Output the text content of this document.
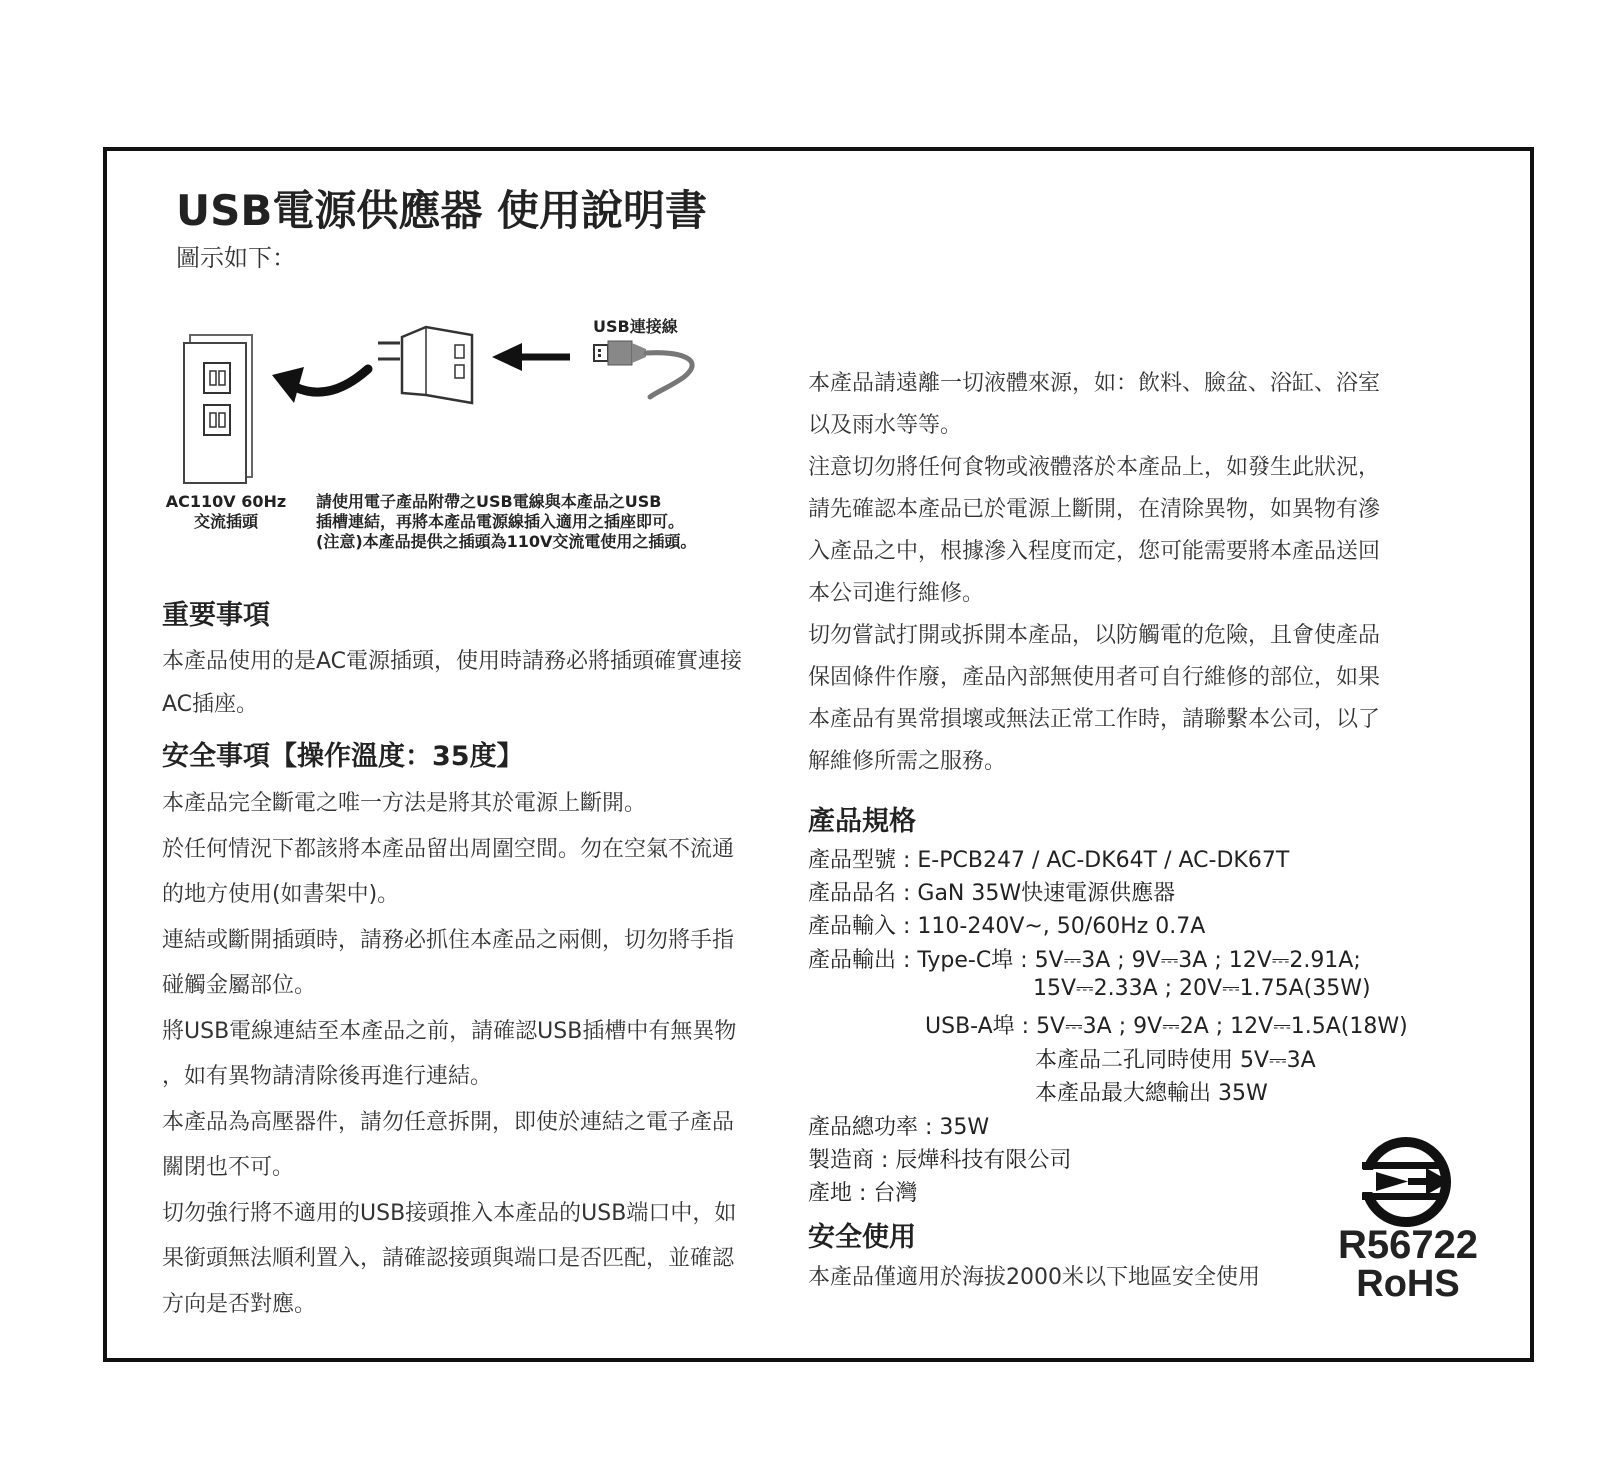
USB電源供應器 使用說明書
圖示如下：
USB連接線
AC110V 60Hz
交流插頭
請使用電子產品附帶之USB電線與本產品之USB
插槽連結，再將本產品電源線插入適用之插座即可。
(注意)本產品提供之插頭為110V交流電使用之插頭。
重要事項
本產品使用的是AC電源插頭，使用時請務必將插頭確實連接
AC插座。
安全事項【操作溫度：35度】
本產品完全斷電之唯一方法是將其於電源上斷開。
於任何情況下都該將本產品留出周圍空間。勿在空氣不流通
的地方使用(如書架中)。
連結或斷開插頭時，請務必抓住本產品之兩側，切勿將手指
碰觸金屬部位。
將USB電線連結至本產品之前，請確認USB插槽中有無異物
，如有異物請清除後再進行連結。
本產品為高壓器件，請勿任意拆開，即使於連結之電子產品
關閉也不可。
切勿強行將不適用的USB接頭推入本產品的USB端口中，如
果銜頭無法順利置入，請確認接頭與端口是否匹配，並確認
方向是否對應。
本產品請遠離一切液體來源，如：飲料、臉盆、浴缸、浴室
以及雨水等等。
注意切勿將任何食物或液體落於本產品上，如發生此狀況，
請先確認本產品已於電源上斷開，在清除異物，如異物有滲
入產品之中，根據滲入程度而定，您可能需要將本產品送回
本公司進行維修。
切勿嘗試打開或拆開本產品，以防觸電的危險，且會使產品
保固條件作廢，產品內部無使用者可自行維修的部位，如果
本產品有異常損壞或無法正常工作時，請聯繫本公司，以了
解維修所需之服務。
產品規格
產品型號 : E-PCB247 / AC-DK64T / AC-DK67T
產品品名 : GaN 35W快速電源供應器
產品輸入 : 110-240V~, 50/60Hz 0.7A
產品輸出 : Type-C埠 : 5V⎓3A ; 9V⎓3A ; 12V⎓2.91A;
15V⎓2.33A ; 20V⎓1.75A(35W)
USB-A埠 : 5V⎓3A ; 9V⎓2A ; 12V⎓1.5A(18W)
本產品二孔同時使用 5V⎓3A
本產品最大總輸出 35W
產品總功率 : 35W
製造商 : 辰燁科技有限公司
產地 : 台灣
安全使用
本產品僅適用於海拔2000米以下地區安全使用
R56722
RoHS
